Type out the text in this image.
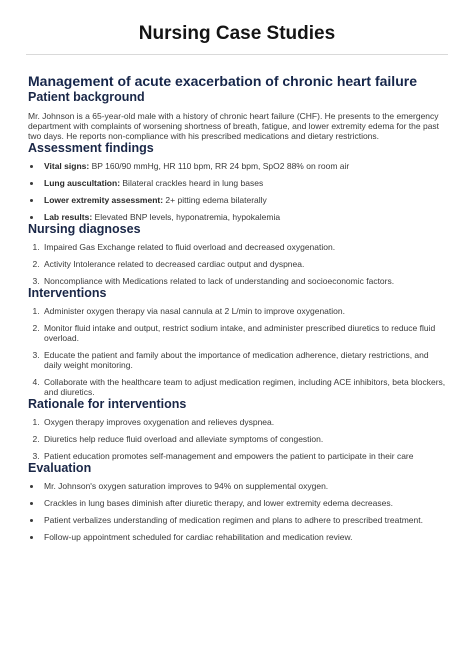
Nursing Case Studies
Management of acute exacerbation of chronic heart failure
Patient background

Mr. Johnson is a 65-year-old male with a history of chronic heart failure (CHF). He presents to the emergency department with complaints of worsening shortness of breath, fatigue, and lower extremity edema for the past two days. He reports non-compliance with his prescribed medications and dietary restrictions.

Assessment findings
• Vital signs: BP 160/90 mmHg, HR 110 bpm, RR 24 bpm, SpO2 88% on room air
• Lung auscultation: Bilateral crackles heard in lung bases
• Lower extremity assessment: 2+ pitting edema bilaterally
• Lab results: Elevated BNP levels, hyponatremia, hypokalemia
Nursing diagnoses
1. Impaired Gas Exchange related to fluid overload and decreased oxygenation.
2. Activity Intolerance related to decreased cardiac output and dyspnea.
3. Noncompliance with Medications related to lack of understanding and socioeconomic factors.
Interventions
1. Administer oxygen therapy via nasal cannula at 2 L/min to improve oxygenation.
2. Monitor fluid intake and output, restrict sodium intake, and administer prescribed diuretics to reduce fluid overload.
3. Educate the patient and family about the importance of medication adherence, dietary restrictions, and daily weight monitoring.
4. Collaborate with the healthcare team to adjust medication regimen, including ACE inhibitors, beta blockers, and diuretics.
Rationale for interventions
1. Oxygen therapy improves oxygenation and relieves dyspnea.
2. Diuretics help reduce fluid overload and alleviate symptoms of congestion.
3. Patient education promotes self-management and empowers the patient to participate in their care
Evaluation
• Mr. Johnson's oxygen saturation improves to 94% on supplemental oxygen.
• Crackles in lung bases diminish after diuretic therapy, and lower extremity edema decreases.
• Patient verbalizes understanding of medication regimen and plans to adhere to prescribed treatment.
• Follow-up appointment scheduled for cardiac rehabilitation and medication review.
